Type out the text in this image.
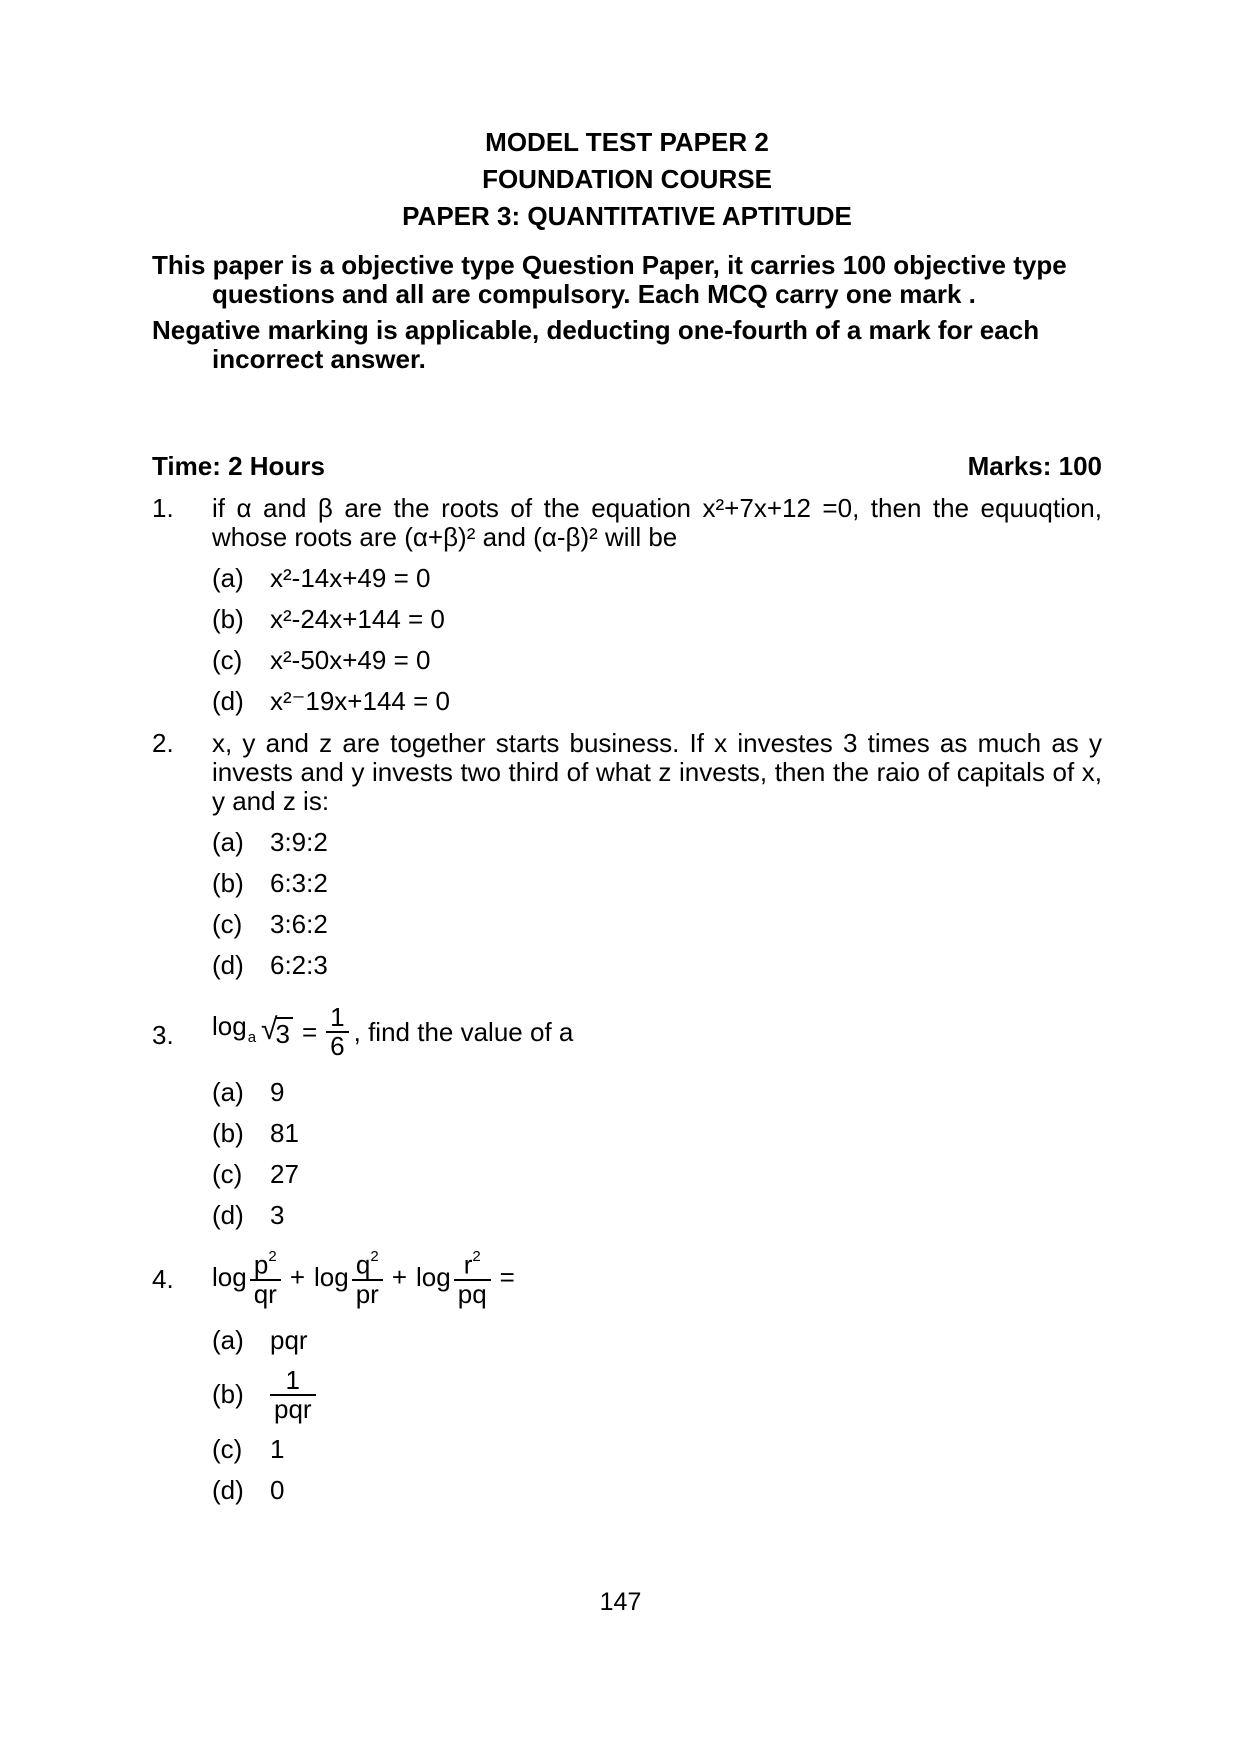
MODEL TEST PAPER 2
FOUNDATION COURSE
PAPER 3: QUANTITATIVE APTITUDE

This paper is a objective type Question Paper, it carries 100 objective type questions and all are compulsory. Each MCQ carry one mark .

Negative marking is applicable, deducting one-fourth of a mark for each incorrect answer.

Time: 2 Hours	Marks: 100
1.	if α and β are the roots of the equation x²+7x+12 =0, then the equuqtion, whose roots are (α+β)² and (α-β)² will be

(a)	x²-14x+49 = 0
(b)	x²-24x+144 = 0
(c)	x²-50x+49 = 0
(d)	x²⁻19x+144 = 0
2.	x, y and z are together starts business. If x investes 3 times as much as y invests and y invests two third of what z invests, then the raio of capitals of x, y and z is:

(a)	3:9:2
(b)	6:3:2
(c)	3:6:2
(d)	6:2:3
3.	$\log_a$ √
$3 = \frac{1}{6}$ , find the value of a
(a)	9
(b)	81
(c)	27
(d)	3
4.	$\log \frac{p^2}{qr} + \log \frac{q^2}{pr} + \log \frac{r^2}{pq}$ =
(a)	pqr
(b)	$\frac{1}{\text{pqr}}$
(c)	1
(d)	0
147
